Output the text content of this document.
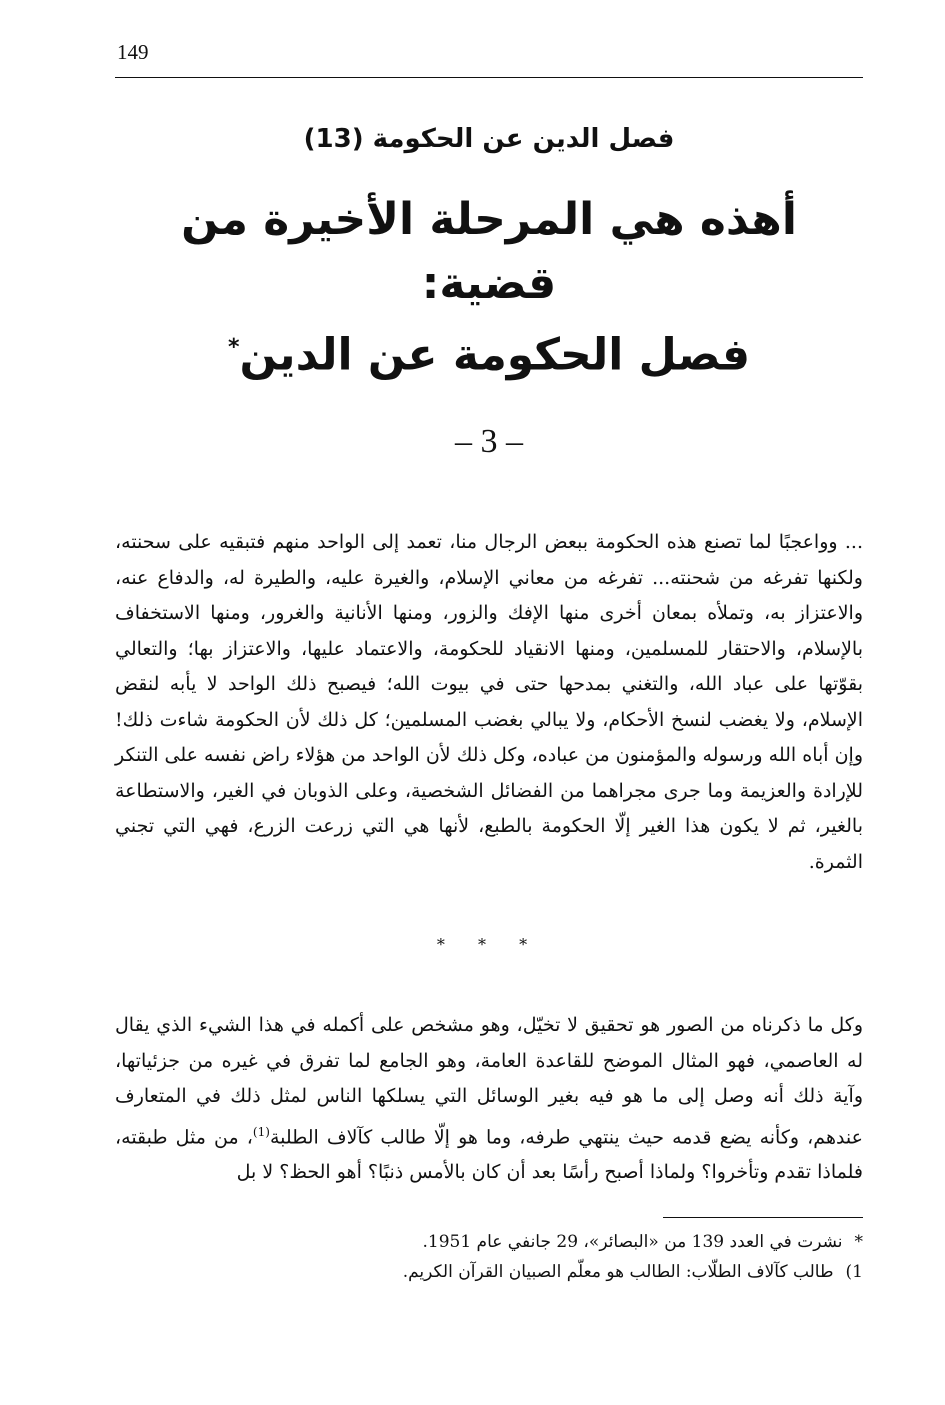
149
فصل الدين عن الحكومة (13)
أهذه هي المرحلة الأخيرة من قضية:
فصل الحكومة عن الدين*
– 3 –
... وواعجبًا لما تصنع هذه الحكومة ببعض الرجال منا، تعمد إلى الواحد منهم فتبقيه على سحنته، ولكنها تفرغه من شحنته... تفرغه من معاني الإسلام، والغيرة عليه، والطيرة له، والدفاع عنه، والاعتزاز به، وتملأه بمعان أخرى منها الإفك والزور، ومنها الأنانية والغرور، ومنها الاستخفاف بالإسلام، والاحتقار للمسلمين، ومنها الانقياد للحكومة، والاعتماد عليها، والاعتزاز بها؛ والتعالي بقوّتها على عباد الله، والتغني بمدحها حتى في بيوت الله؛ فيصبح ذلك الواحد لا يأبه لنقض الإسلام، ولا يغضب لنسخ الأحكام، ولا يبالي بغضب المسلمين؛ كل ذلك لأن الحكومة شاءت ذلك! وإن أباه الله ورسوله والمؤمنون من عباده، وكل ذلك لأن الواحد من هؤلاء راض نفسه على التنكر للإرادة والعزيمة وما جرى مجراهما من الفضائل الشخصية، وعلى الذوبان في الغير، والاستطاعة بالغير، ثم لا يكون هذا الغير إلّا الحكومة بالطبع، لأنها هي التي زرعت الزرع، فهي التي تجني الثمرة.
* * *
وكل ما ذكرناه من الصور هو تحقيق لا تخيّل، وهو مشخص على أكمله في هذا الشيء الذي يقال له العاصمي، فهو المثال الموضح للقاعدة العامة، وهو الجامع لما تفرق في غيره من جزئياتها، وآية ذلك أنه وصل إلى ما هو فيه بغير الوسائل التي يسلكها الناس لمثل ذلك في المتعارف عندهم، وكأنه يضع قدمه حيث ينتهي طرفه، وما هو إلّا طالب كآلاف الطلبة$^{(1)}$، من مثل طبقته، فلماذا تقدم وتأخروا؟ ولماذا أصبح رأسًا بعد أن كان بالأمس ذنبًا؟ أهو الحظ؟ لا بل
*نشرت في العدد 139 من «البصائر»، 29 جانفي عام 1951.
1)طالب كآلاف الطلّاب: الطالب هو معلّم الصبيان القرآن الكريم.
